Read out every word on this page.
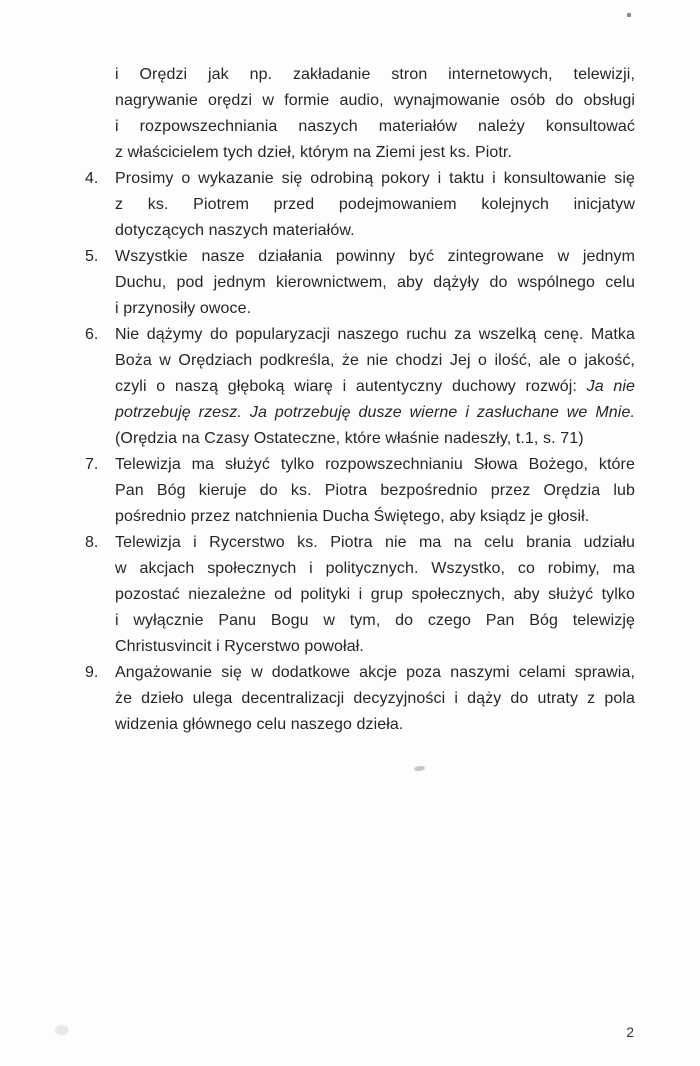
i Orędzi jak np. zakładanie stron internetowych, telewizji,
nagrywanie orędzi w formie audio, wynajmowanie osób do obsługi
i rozpowszechniania naszych materiałów należy konsultować
z właścicielem tych dzieł, którym na Ziemi jest ks. Piotr.
4.	Prosimy o wykazanie się odrobiną pokory i taktu i konsultowanie się
z ks. Piotrem przed podejmowaniem kolejnych inicjatyw
dotyczących naszych materiałów.
5.	Wszystkie nasze działania powinny być zintegrowane w jednym
Duchu, pod jednym kierownictwem, aby dążyły do wspólnego celu
i przynosiły owoce.
6.	Nie dążymy do popularyzacji naszego ruchu za wszelką cenę. Matka
Boża w Orędziach podkreśla, że nie chodzi Jej o ilość, ale o jakość,
czyli o naszą głęboką wiarę i autentyczny duchowy rozwój: Ja nie
potrzebuję rzesz. Ja potrzebuję dusze wierne i zasłuchane we Mnie.
(Orędzia na Czasy Ostateczne, które właśnie nadeszły, t.1, s. 71)
7.	Telewizja ma służyć tylko rozpowszechnianiu Słowa Bożego, które
Pan Bóg kieruje do ks. Piotra bezpośrednio przez Orędzia lub
pośrednio przez natchnienia Ducha Świętego, aby ksiądz je głosił.
8.	Telewizja i Rycerstwo ks. Piotra nie ma na celu brania udziału
w akcjach społecznych i politycznych. Wszystko, co robimy, ma
pozostać niezależne od polityki i grup społecznych, aby służyć tylko
i wyłącznie Panu Bogu w tym, do czego Pan Bóg telewizję
Christusvincit i Rycerstwo powołał.
9.	Angażowanie się w dodatkowe akcje poza naszymi celami sprawia,
że dzieło ulega decentralizacji decyzyjności i dąży do utraty z pola
widzenia głównego celu naszego dzieła.
2
